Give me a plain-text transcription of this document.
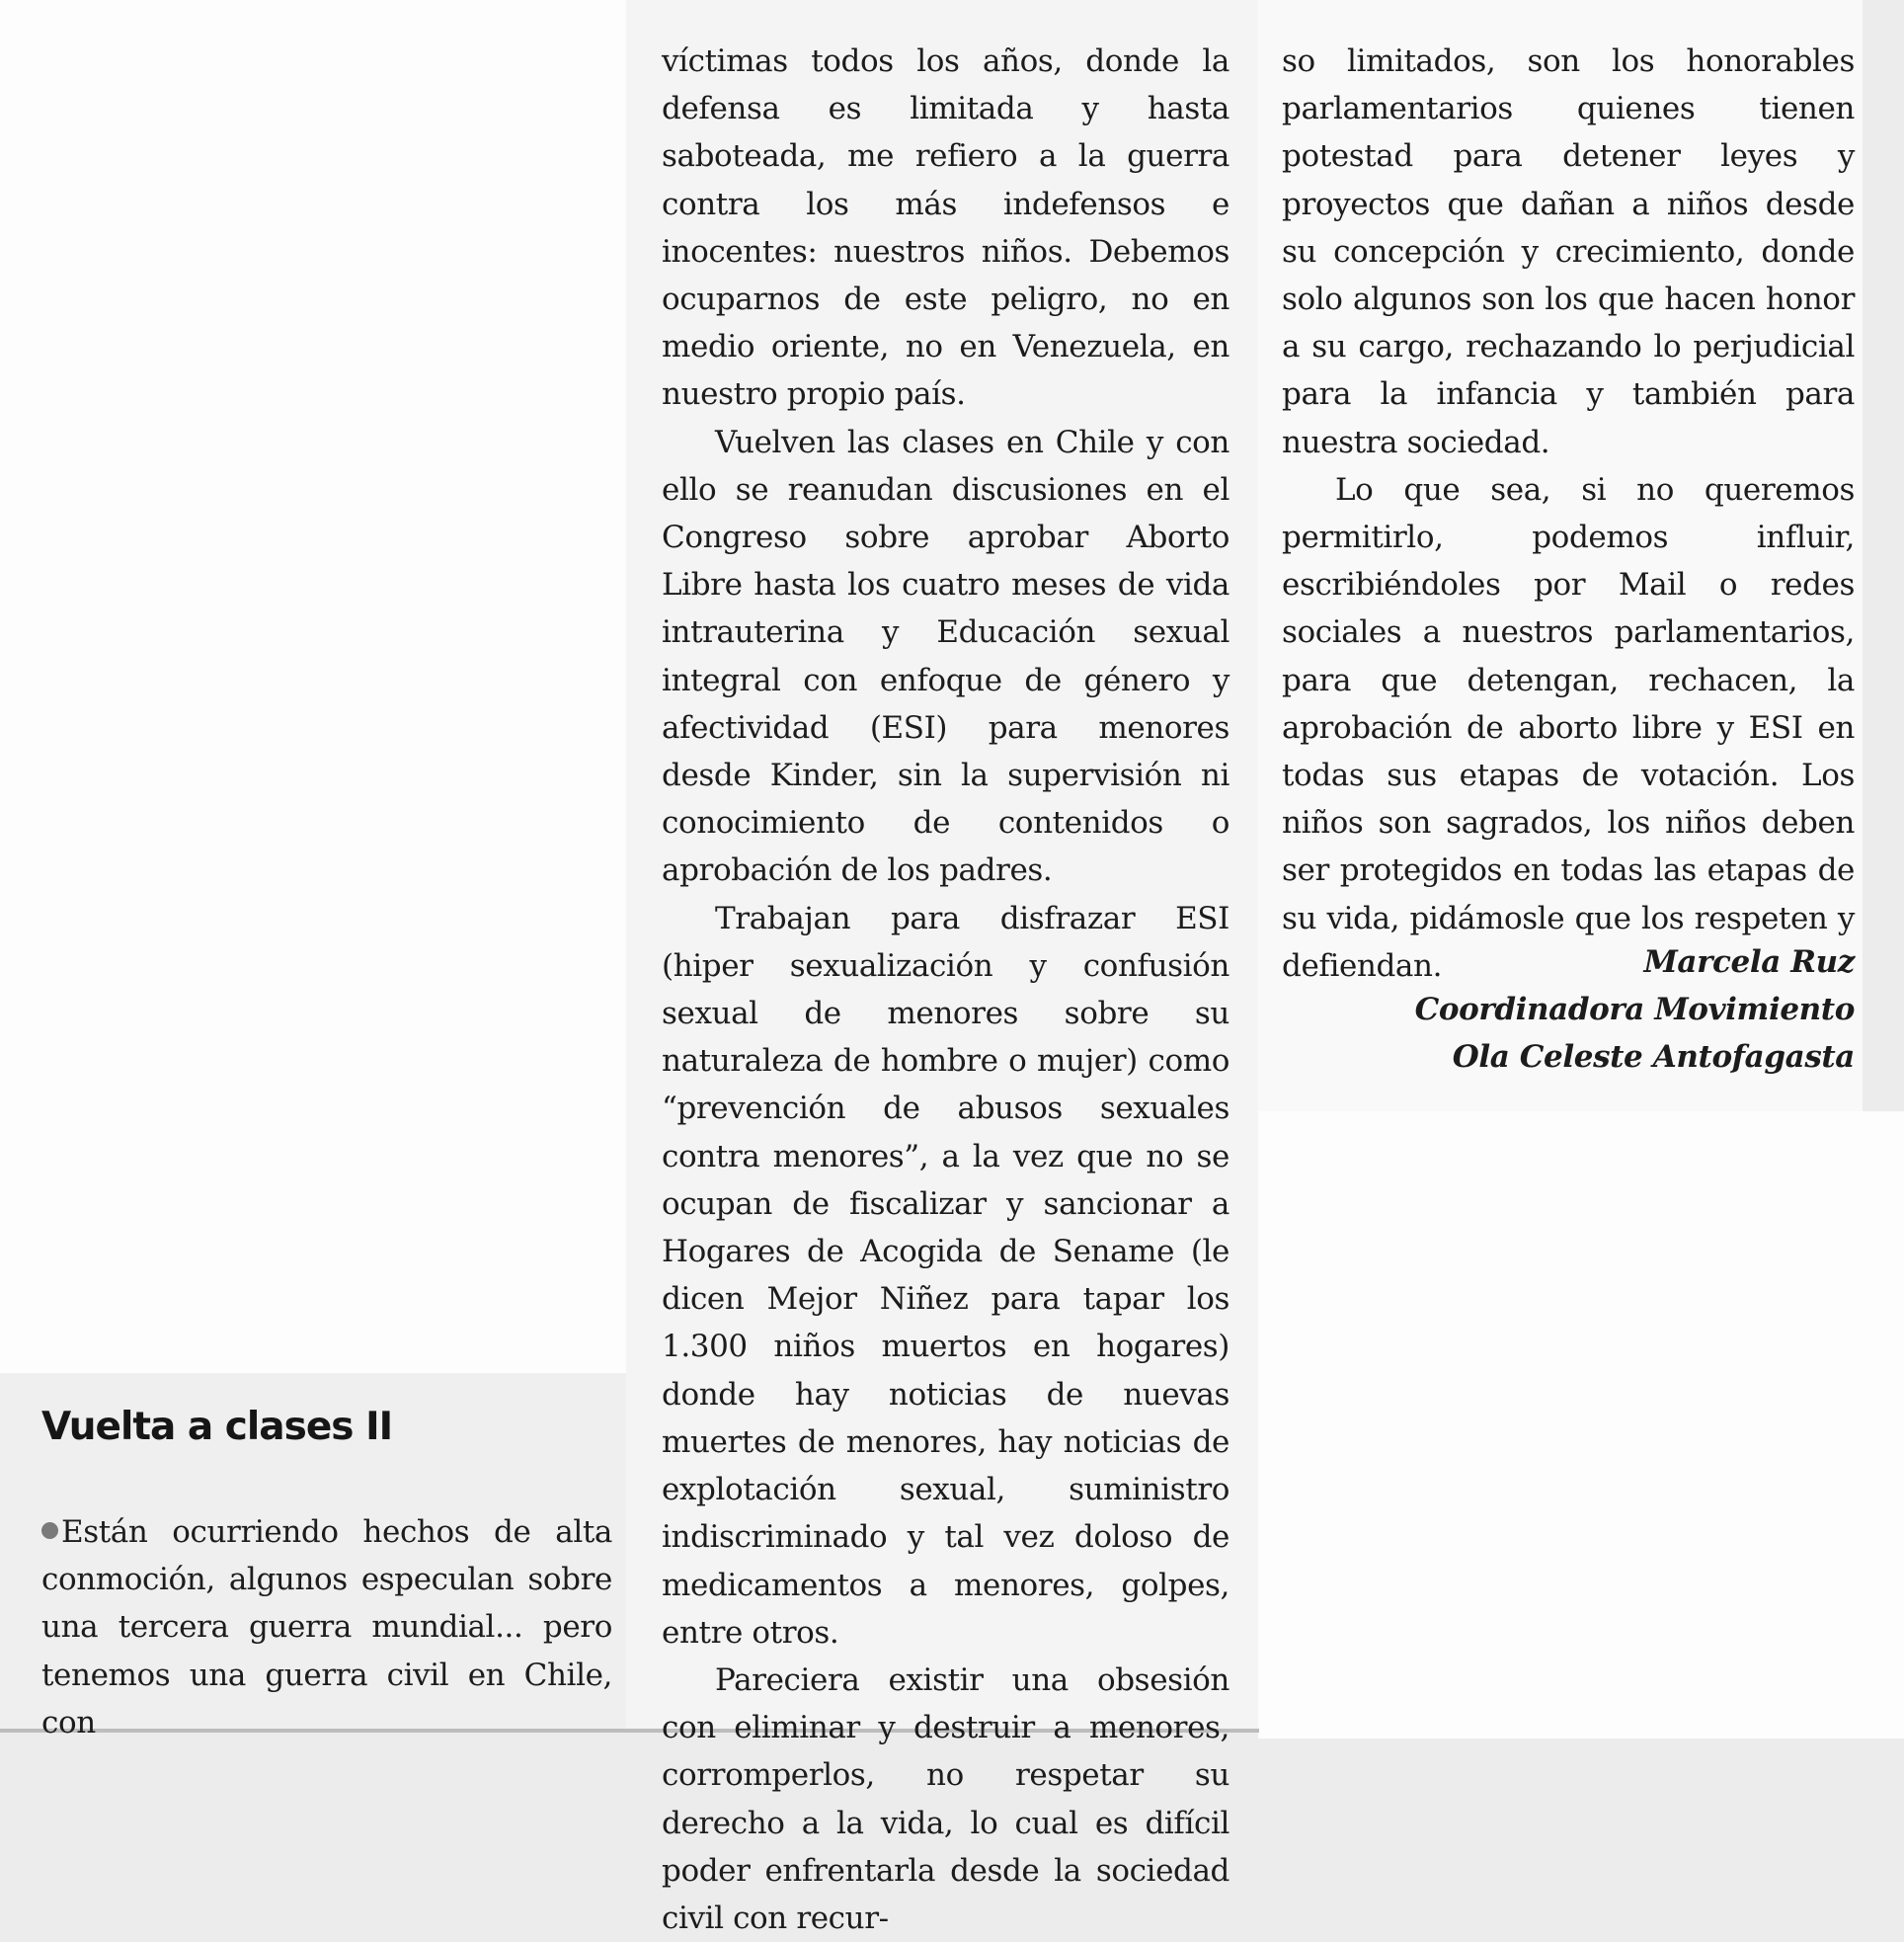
Vuelta a clases II

Están ocurriendo hechos de alta conmoción, algunos especulan sobre una tercera guerra mundial... pero tenemos una guerra civil en Chile, con

víctimas todos los años, donde la defensa es limitada y hasta saboteada, me refiero a la guerra contra los más indefensos e inocentes: nuestros niños. Debemos ocuparnos de este peligro, no en medio oriente, no en Venezuela, en nuestro propio país.

Vuelven las clases en Chile y con ello se reanudan discusiones en el Congreso sobre aprobar Aborto Libre hasta los cuatro meses de vida intrauterina y Educación sexual integral con enfoque de género y afectividad (ESI) para menores desde Kinder, sin la supervisión ni conocimiento de contenidos o aprobación de los padres.

Trabajan para disfrazar ESI (hiper sexualización y confusión sexual de menores sobre su naturaleza de hombre o mujer) como “prevención de abusos sexuales contra menores”, a la vez que no se ocupan de fiscalizar y sancionar a Hogares de Acogida de Sename (le dicen Mejor Niñez para tapar los 1.300 niños muertos en hogares) donde hay noticias de nuevas muertes de menores, hay noticias de explotación sexual, suministro indiscriminado y tal vez doloso de medicamentos a menores, golpes, entre otros.

Pareciera existir una obsesión con eliminar y destruir a menores, corromperlos, no respetar su derecho a la vida, lo cual es difícil poder enfrentarla desde la sociedad civil con recur-

so limitados, son los honorables parlamentarios quienes tienen potestad para detener leyes y proyectos que dañan a niños desde su concepción y crecimiento, donde solo algunos son los que hacen honor a su cargo, rechazando lo perjudicial para la infancia y también para nuestra sociedad.

Lo que sea, si no queremos permitirlo, podemos influir, escribiéndoles por Mail o redes sociales a nuestros parlamentarios, para que detengan, rechacen, la aprobación de aborto libre y ESI en todas sus etapas de votación. Los niños son sagrados, los niños deben ser protegidos en todas las etapas de su vida, pidámosle que los respeten y defiendan.	Marcela Ruz
Coordinadora Movimiento
Ola Celeste Antofagasta
